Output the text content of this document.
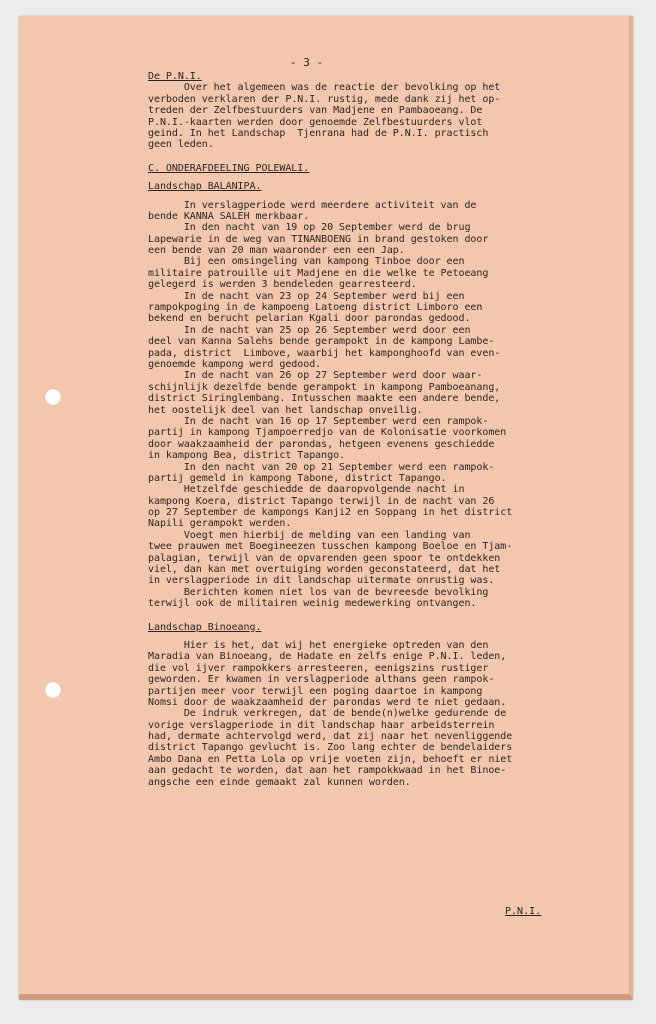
- 3 -
De P.N.I.
Over het algemeen was de reactie der bevolking op het
verboden verklaren der P.N.I. rustig, mede dank zij het op-
treden der Zelfbestuurders van Madjene en Pambaoeang. De
P.N.I.-kaarten werden door genoemde Zelfbestuurders vlot
geind. In het Landschap  Tjenrana had de P.N.I. practisch
geen leden.
C. ONDERAFDEELING POLEWALI.
Landschap BALANIPA.
In verslagperiode werd meerdere activiteit van de
bende KANNA SALEH merkbaar.
In den nacht van 19 op 20 September werd de brug
Lapewarie in de weg van TINANBOENG in brand gestoken door
een bende van 20 man waaronder een een Jap.
Bij een omsingeling van kampong Tinboe door een
militaire patrouille uit Madjene en die welke te Petoeang
gelegerd is werden 3 bendeleden gearresteerd.
In de nacht van 23 op 24 September werd bij een
rampokpoging in de kampoeng Latoeng district Limboro een
bekend en berucht pelarian Kgali door parondas gedood.
In de nacht van 25 op 26 September werd door een
deel van Kanna Salehs bende gerampokt in de kampong Lambe-
pada, district  Limbove, waarbij het kamponghoofd van even-
genoemde kampong werd gedood.
In de nacht van 26 op 27 September werd door waar-
schijnlijk dezelfde bende gerampokt in kampong Pamboeanang,
district Siringlembang. Intusschen maakte een andere bende,
het oostelijk deel van het landschap onveilig.
In de nacht van 16 op 17 September werd een rampok-
partij in kampong Tjampoerredjo van de Kolonisatie voorkomen
door waakzaamheid der parondas, hetgeen evenens geschiedde
in kampong Bea, district Tapango.
In den nacht van 20 op 21 September werd een rampok-
partij gemeld in kampong Tabone, district Tapango.
Hetzelfde geschiedde de daaropvolgende nacht in
kampong Koera, district Tapango terwijl in de nacht van 26
op 27 September de kampongs Kanji2 en Soppang in het district
Napili gerampokt werden.
Voegt men hierbij de melding van een landing van
twee prauwen met Boegineezen tusschen kampong Boeloe en Tjam-
palagian, terwijl van de opvarenden geen spoor te ontdekken
viel, dan kan met overtuiging worden geconstateerd, dat het
in verslagperiode in dit landschap uitermate onrustig was.
Berichten komen niet los van de bevreesde bevolking
terwijl ook de militairen weinig medewerking ontvangen.
Landschap Binoeang.
Hier is het, dat wij het energieke optreden van den
Maradia van Binoeang, de Hadate en zelfs enige P.N.I. leden,
die vol ijver rampokkers arresteeren, eenigszins rustiger
geworden. Er kwamen in verslagperiode althans geen rampok-
partijen meer voor terwijl een poging daartoe in kampong
Nomsi door de waakzaamheid der parondas werd te niet gedaan.
De indruk verkregen, dat de bende(n)welke gedurende de
vorige verslagperiode in dit landschap haar arbeidsterrein
had, dermate achtervolgd werd, dat zij naar het nevenliggende
district Tapango gevlucht is. Zoo lang echter de bendelaiders
Ambo Dana en Petta Lola op vrije voeten zijn, behoeft er niet
aan gedacht te worden, dat aan het rampokkwaad in het Binoe-
angsche een einde gemaakt zal kunnen worden.
P.N.I.
